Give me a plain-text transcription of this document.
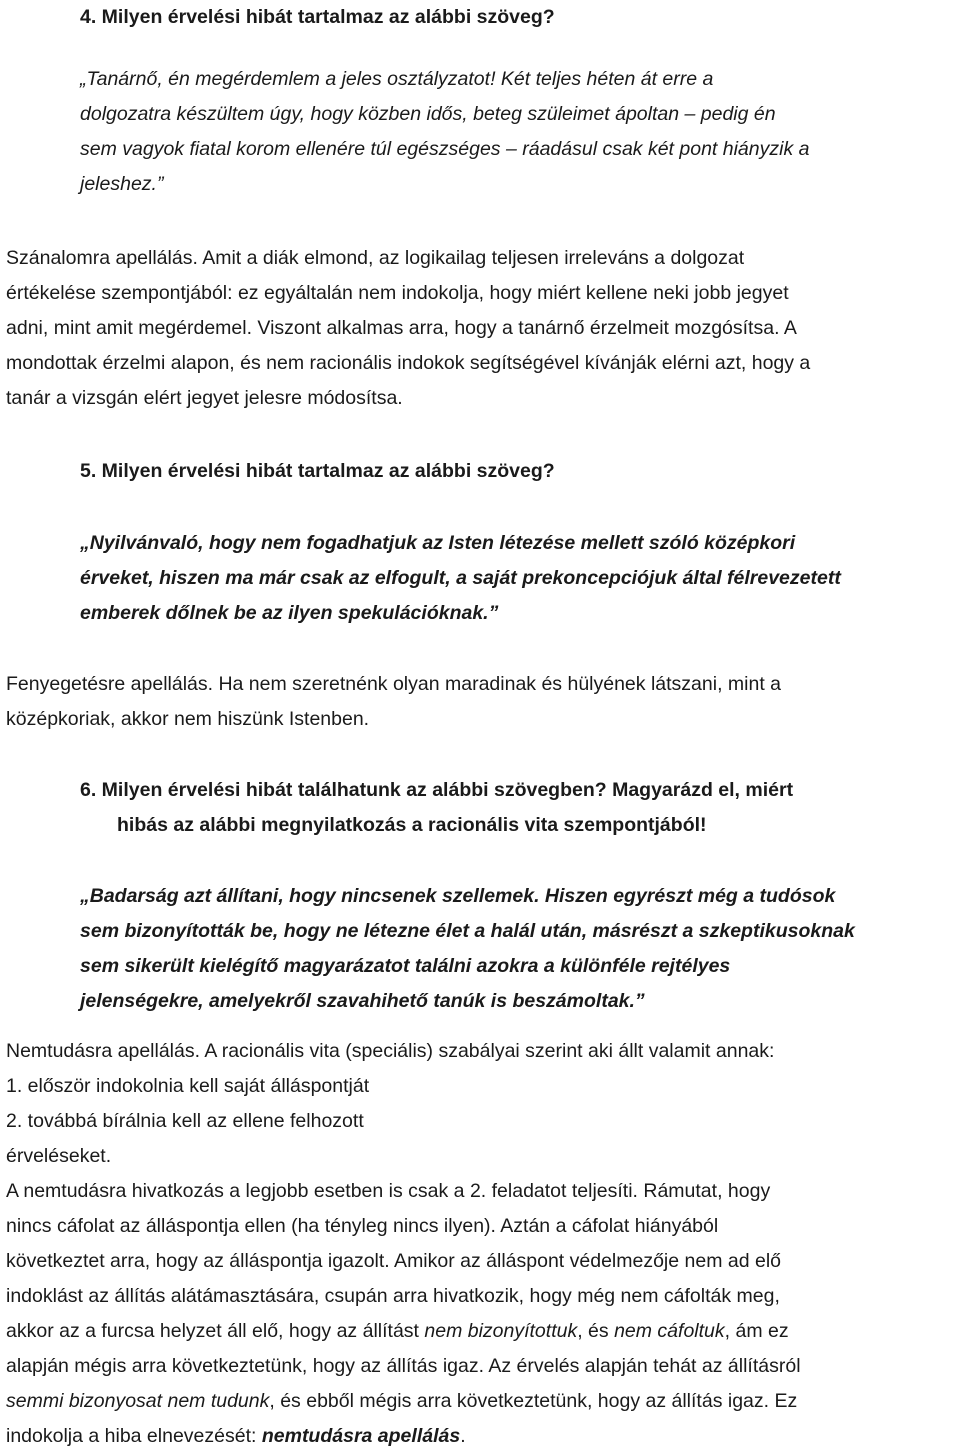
4. Milyen érvelési hibát tartalmaz az alábbi szöveg?
„Tanárnő, én megérdemlem a jeles osztályzatot! Két teljes héten át erre a
dolgozatra készültem úgy, hogy közben idős, beteg szüleimet ápoltan – pedig én
sem vagyok fiatal korom ellenére túl egészséges – ráadásul csak két pont hiányzik a
jeleshez.”
Szánalomra apellálás. Amit a diák elmond, az logikailag teljesen irreleváns a dolgozat
értékelése szempontjából: ez egyáltalán nem indokolja, hogy miért kellene neki jobb jegyet
adni, mint amit megérdemel. Viszont alkalmas arra, hogy a tanárnő érzelmeit mozgósítsa. A
mondottak érzelmi alapon, és nem racionális indokok segítségével kívánják elérni azt, hogy a
tanár a vizsgán elért jegyet jelesre módosítsa.
5. Milyen érvelési hibát tartalmaz az alábbi szöveg?
„Nyilvánvaló, hogy nem fogadhatjuk az Isten létezése mellett szóló középkori
érveket, hiszen ma már csak az elfogult, a saját prekoncepciójuk által félrevezetett
emberek dőlnek be az ilyen spekulációknak.”
Fenyegetésre apellálás. Ha nem szeretnénk olyan maradinak és hülyének látszani, mint a
középkoriak, akkor nem hiszünk Istenben.
6. Milyen érvelési hibát találhatunk az alábbi szövegben? Magyarázd el, miért
hibás az alábbi megnyilatkozás a racionális vita szempontjából!
„Badarság azt állítani, hogy nincsenek szellemek. Hiszen egyrészt még a tudósok
sem bizonyították be, hogy ne létezne élet a halál után, másrészt a szkeptikusoknak
sem sikerült kielégítő magyarázatot találni azokra a különféle rejtélyes
jelenségekre, amelyekről szavahihető tanúk is beszámoltak.”
Nemtudásra apellálás. A racionális vita (speciális) szabályai szerint aki állt valamit annak:
1. először indokolnia kell saját álláspontját
2. továbbá bírálnia kell az ellene felhozott
érveléseket.
A nemtudásra hivatkozás a legjobb esetben is csak a 2. feladatot teljesíti. Rámutat, hogy
nincs cáfolat az álláspontja ellen (ha tényleg nincs ilyen). Aztán a cáfolat hiányából
következtet arra, hogy az álláspontja igazolt. Amikor az álláspont védelmezője nem ad elő
indoklást az állítás alátámasztására, csupán arra hivatkozik, hogy még nem cáfolták meg,
akkor az a furcsa helyzet áll elő, hogy az állítást nem bizonyítottuk, és nem cáfoltuk, ám ez
alapján mégis arra következtetünk, hogy az állítás igaz. Az érvelés alapján tehát az állításról
semmi bizonyosat nem tudunk, és ebből mégis arra következtetünk, hogy az állítás igaz. Ez
indokolja a hiba elnevezését: nemtudásra apellálás.
